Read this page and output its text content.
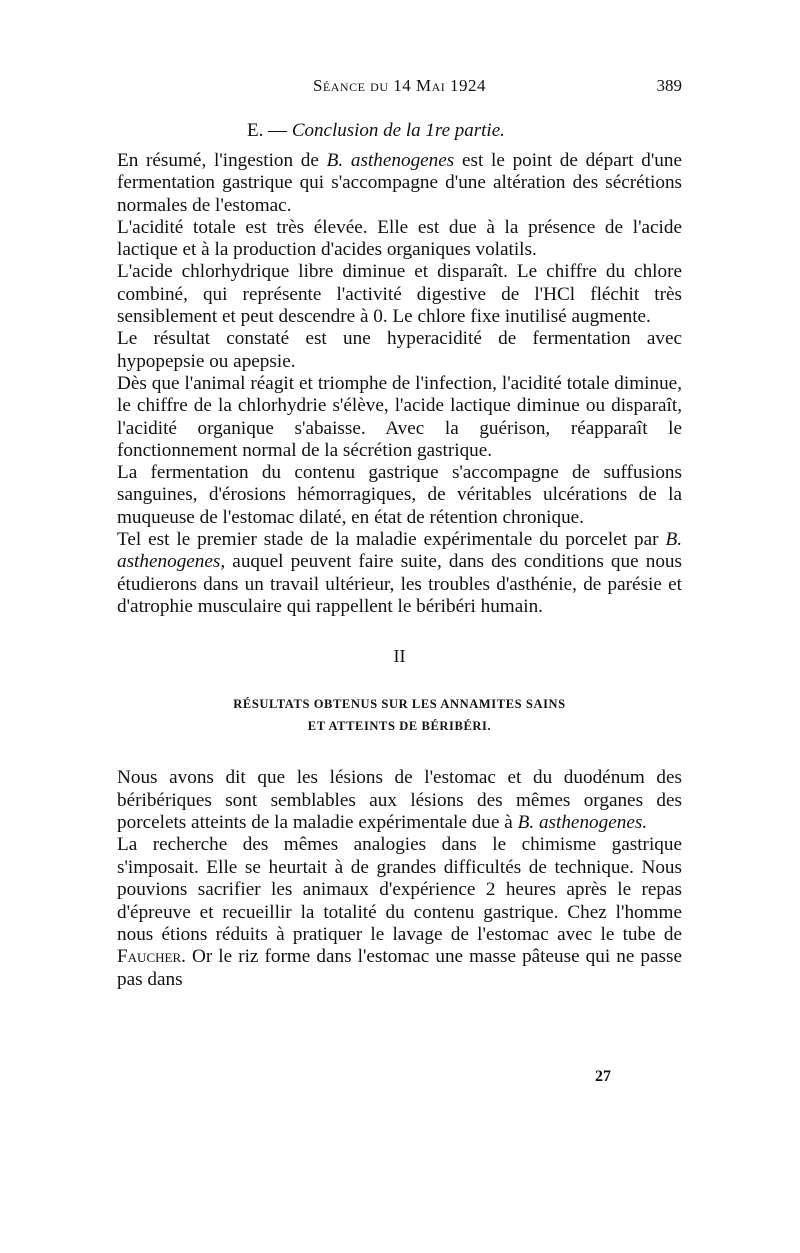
Séance du 14 Mai 1924	389
E. — Conclusion de la 1re partie.

En résumé, l'ingestion de B. asthenogenes est le point de départ d'une fermentation gastrique qui s'accompagne d'une altération des sécrétions normales de l'estomac.

L'acidité totale est très élevée. Elle est due à la présence de l'acide lactique et à la production d'acides organiques volatils.

L'acide chlorhydrique libre diminue et disparaît. Le chiffre du chlore combiné, qui représente l'activité digestive de l'HCl fléchit très sensiblement et peut descendre à 0. Le chlore fixe inutilisé augmente.

Le résultat constaté est une hyperacidité de fermentation avec hypopepsie ou apepsie.

Dès que l'animal réagit et triomphe de l'infection, l'acidité totale diminue, le chiffre de la chlorhydrie s'élève, l'acide lactique diminue ou disparaît, l'acidité organique s'abaisse. Avec la guérison, réapparaît le fonctionnement normal de la sécrétion gastrique.

La fermentation du contenu gastrique s'accompagne de suffusions sanguines, d'érosions hémorragiques, de véritables ulcérations de la muqueuse de l'estomac dilaté, en état de rétention chronique.

Tel est le premier stade de la maladie expérimentale du porcelet par B. asthenogenes, auquel peuvent faire suite, dans des conditions que nous étudierons dans un travail ultérieur, les troubles d'asthénie, de parésie et d'atrophie musculaire qui rappellent le béribéri humain.

II
RÉSULTATS OBTENUS SUR LES ANNAMITES SAINS
ET ATTEINTS DE BÉRIBÉRI.

Nous avons dit que les lésions de l'estomac et du duodénum des béribériques sont semblables aux lésions des mêmes organes des porcelets atteints de la maladie expérimentale due à B. asthenogenes.

La recherche des mêmes analogies dans le chimisme gastrique s'imposait. Elle se heurtait à de grandes difficultés de technique. Nous pouvions sacrifier les animaux d'expérience 2 heures après le repas d'épreuve et recueillir la totalité du contenu gastrique. Chez l'homme nous étions réduits à pratiquer le lavage de l'estomac avec le tube de Faucher. Or le riz forme dans l'estomac une masse pâteuse qui ne passe pas dans

27
